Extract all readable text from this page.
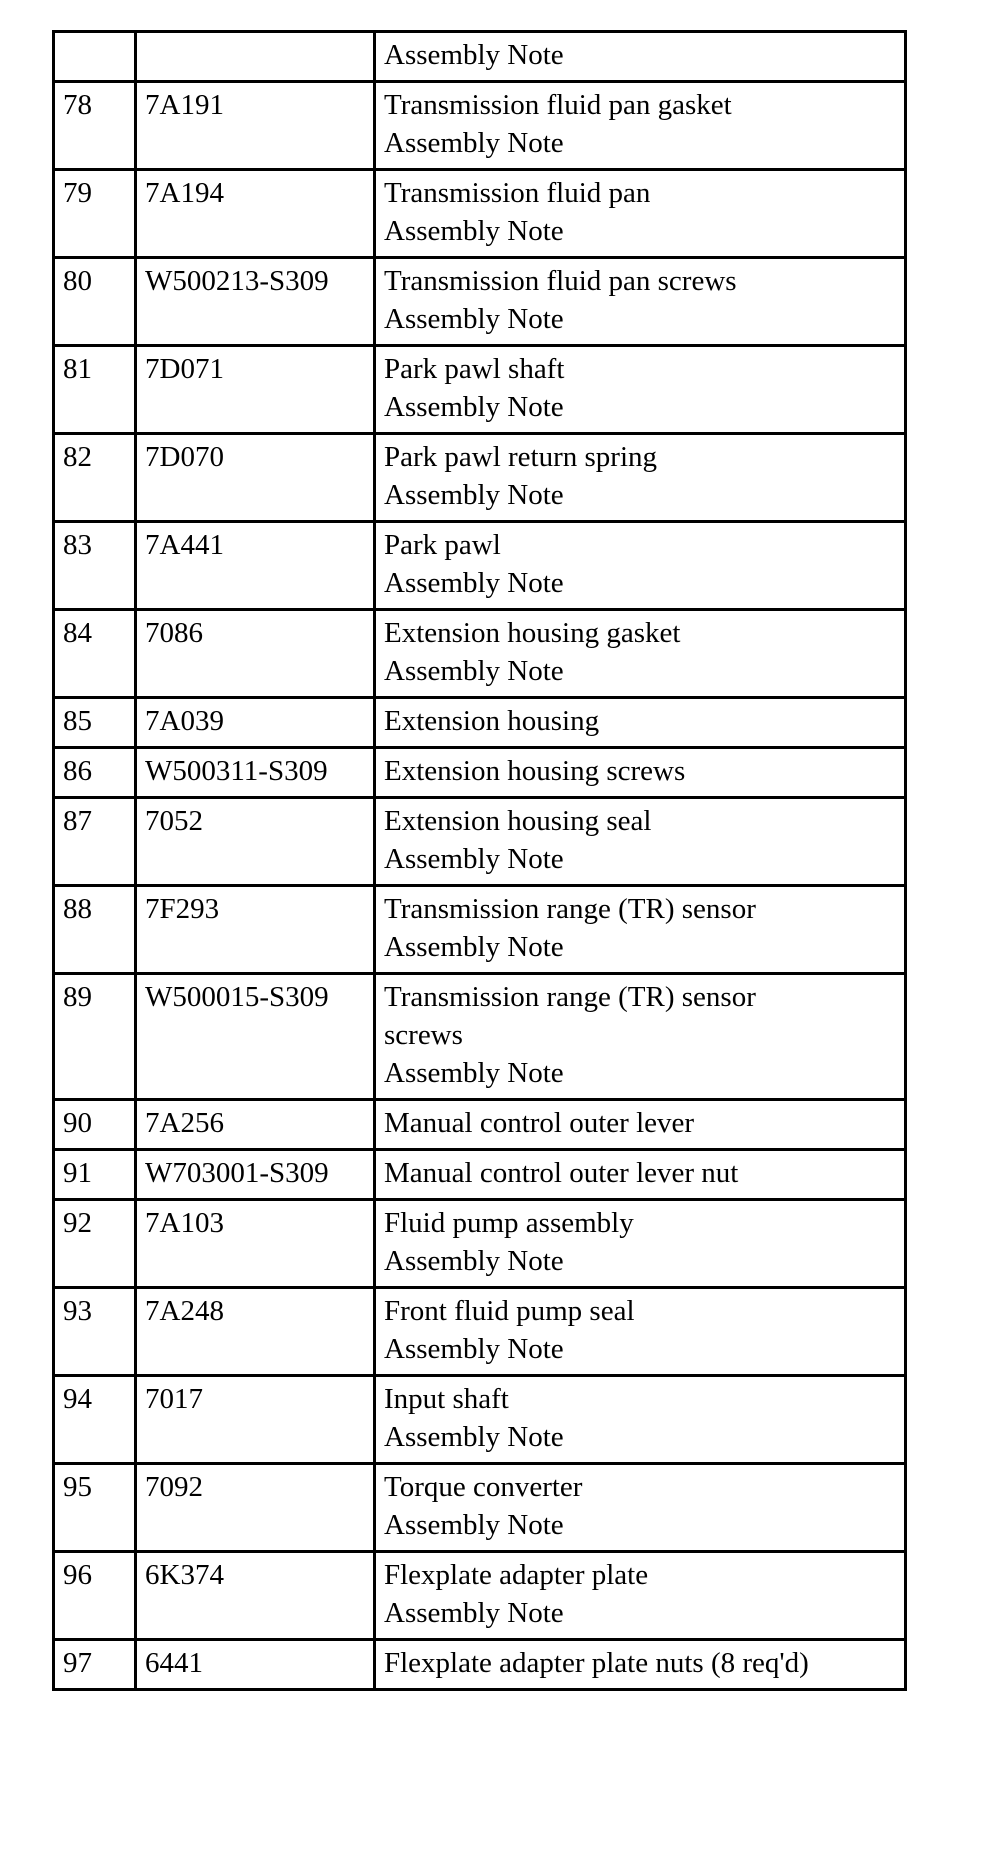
		Assembly Note

78	7A191	Transmission fluid pan gasket
Assembly Note

79	7A194	Transmission fluid pan
Assembly Note

80	W500213-S309	Transmission fluid pan screws
Assembly Note

81	7D071	Park pawl shaft
Assembly Note

82	7D070	Park pawl return spring
Assembly Note

83	7A441	Park pawl
Assembly Note

84	7086	Extension housing gasket
Assembly Note

85	7A039	Extension housing

86	W500311-S309	Extension housing screws

87	7052	Extension housing seal
Assembly Note

88	7F293	Transmission range (TR) sensor
Assembly Note

89	W500015-S309	Transmission range (TR) sensor
screws
Assembly Note

90	7A256	Manual control outer lever

91	W703001-S309	Manual control outer lever nut

92	7A103	Fluid pump assembly
Assembly Note

93	7A248	Front fluid pump seal
Assembly Note

94	7017	Input shaft
Assembly Note

95	7092	Torque converter
Assembly Note

96	6K374	Flexplate adapter plate
Assembly Note

97	6441	Flexplate adapter plate nuts (8 req'd)
